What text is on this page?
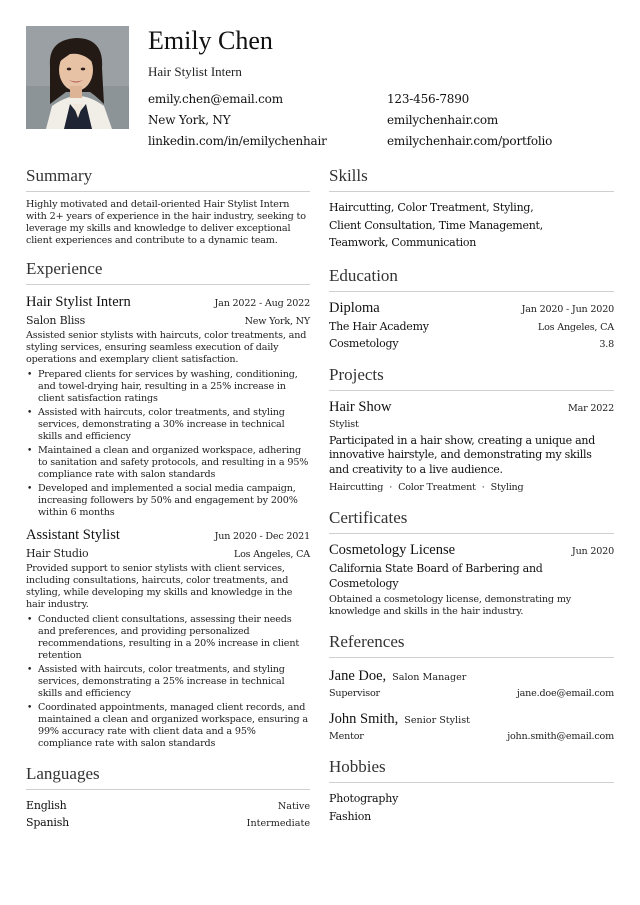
Emily Chen
Hair Stylist Intern
emily.chen@email.com	123-456-7890
New York, NY	emilychenhair.com
linkedin.com/in/emilychenhair	emilychenhair.com/portfolio
Summary

Highly motivated and detail-oriented Hair Stylist Intern with 2+ years of experience in the hair industry, seeking to leverage my skills and knowledge to deliver exceptional client experiences and contribute to a dynamic team.

Experience
Hair Stylist Intern	Jan 2022 - Aug 2022
Salon Bliss	New York, NY

Assisted senior stylists with haircuts, color treatments, and styling services, ensuring seamless execution of daily operations and exemplary client satisfaction.

• Prepared clients for services by washing, conditioning, and towel-drying hair, resulting in a 25% increase in client satisfaction ratings
• Assisted with haircuts, color treatments, and styling services, demonstrating a 30% increase in technical skills and efficiency
• Maintained a clean and organized workspace, adhering to sanitation and safety protocols, and resulting in a 95% compliance rate with salon standards
• Developed and implemented a social media campaign, increasing followers by 50% and engagement by 200% within 6 months
Assistant Stylist	Jun 2020 - Dec 2021
Hair Studio	Los Angeles, CA

Provided support to senior stylists with client services, including consultations, haircuts, color treatments, and styling, while developing my skills and knowledge in the hair industry.

• Conducted client consultations, assessing their needs and preferences, and providing personalized recommendations, resulting in a 20% increase in client retention
• Assisted with haircuts, color treatments, and styling services, demonstrating a 25% increase in technical skills and efficiency
• Coordinated appointments, managed client records, and maintained a clean and organized workspace, ensuring a 99% accuracy rate with client data and a 95% compliance rate with salon standards
Languages
English	Native
Spanish	Intermediate
Skills
Haircutting, Color Treatment, Styling,
Client Consultation, Time Management,
Teamwork, Communication
Education
Diploma	Jan 2020 - Jun 2020
The Hair Academy	Los Angeles, CA
Cosmetology	3.8
Projects
Hair Show	Mar 2022
Stylist

Participated in a hair show, creating a unique and innovative hairstyle, and demonstrating my skills and creativity to a live audience.

Haircutting · Color Treatment · Styling
Certificates
Cosmetology License	Jun 2020

California State Board of Barbering and Cosmetology

Obtained a cosmetology license, demonstrating my knowledge and skills in the hair industry.

References
Jane Doe, Salon Manager
Supervisor	jane.doe@email.com
John Smith, Senior Stylist
Mentor	john.smith@email.com
Hobbies
Photography
Fashion
